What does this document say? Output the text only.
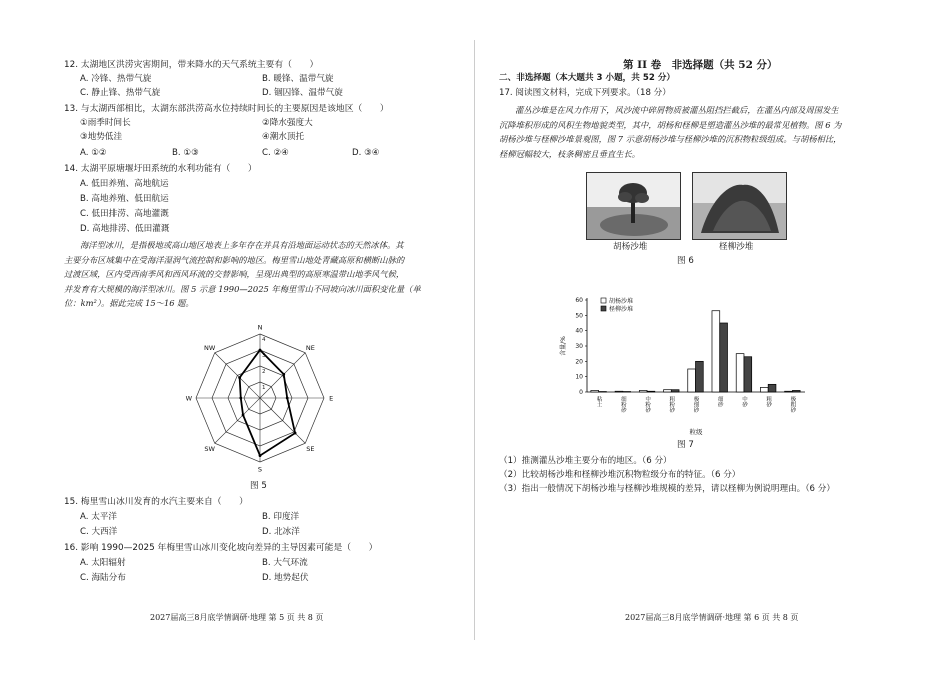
12. 太湖地区洪涝灾害期间，带来降水的天气系统主要有（　　）
A. 冷锋、热带气旋	B. 暖锋、温带气旋
C. 静止锋、热带气旋	D. 锢囚锋、温带气旋
13. 与太湖西部相比，太湖东部洪涝高水位持续时间长的主要原因是该地区（　　）
①雨季时间长	②降水强度大
③地势低洼	④潮水顶托
A. ①②	B. ①③	C. ②④	D. ③④
14. 太湖平原塘堰圩田系统的水利功能有（　　）
A. 低田养殖、高地航运
B. 高地养殖、低田航运
C. 低田排涝、高地灌溉
D. 高地排涝、低田灌溉
海洋型冰川，是指极地或高山地区地表上多年存在并具有沿地面运动状态的天然冰体。其
主要分布区域集中在受海洋湿润气流控制和影响的地区。梅里雪山地处青藏高原和横断山脉的
过渡区域，区内受西南季风和西风环流的交替影响，呈现出典型的高原寒温带山地季风气候，
并发育有大规模的海洋型冰川。图 5 示意 1990—2025 年梅里雪山不同坡向冰川面积变化量（单
位：km²）。据此完成 15～16 题。
1
2
3
4
N
NE
E
SE
S
SW
W
NW
图 5
15. 梅里雪山冰川发育的水汽主要来自（　　）
A. 太平洋	B. 印度洋
C. 大西洋	D. 北冰洋
16. 影响 1990—2025 年梅里雪山冰川变化坡向差异的主导因素可能是（　　）
A. 太阳辐射	B. 大气环流
C. 海陆分布	D. 地势起伏
2027届高三8月底学情调研·地理 第 5 页 共 8 页
第 II 卷　非选择题（共 52 分）
二、非选择题（本大题共 3 小题，共 52 分）
17. 阅读图文材料，完成下列要求。（18 分）
灌丛沙堆是在风力作用下，风沙流中碎屑物质被灌丛阻挡拦截后，在灌丛内部及周围发生
沉降堆积形成的风积生物地貌类型，其中，胡杨和柽柳是塑造灌丛沙堆的最常见植物。图 6 为
胡杨沙堆与柽柳沙堆景观图，图 7 示意胡杨沙堆与柽柳沙堆的沉积物粒级组成。与胡杨相比，
柽柳冠幅较大，枝条稠密且垂直生长。
胡杨沙堆	柽柳沙堆
图 6
0
10
20
30
40
50
60
含量/%
粘土	细粉砂	中粉砂	粗粉砂	极细砂	细砂	中砂	粗砂	极粗砂
粒级
胡杨沙堆
柽柳沙堆
图 7
（1）推测灌丛沙堆主要分布的地区。（6 分）
（2）比较胡杨沙堆和柽柳沙堆沉积物粒级分布的特征。（6 分）
（3）指出一般情况下胡杨沙堆与柽柳沙堆规模的差异，请以柽柳为例说明理由。（6 分）
2027届高三8月底学情调研·地理 第 6 页 共 8 页
